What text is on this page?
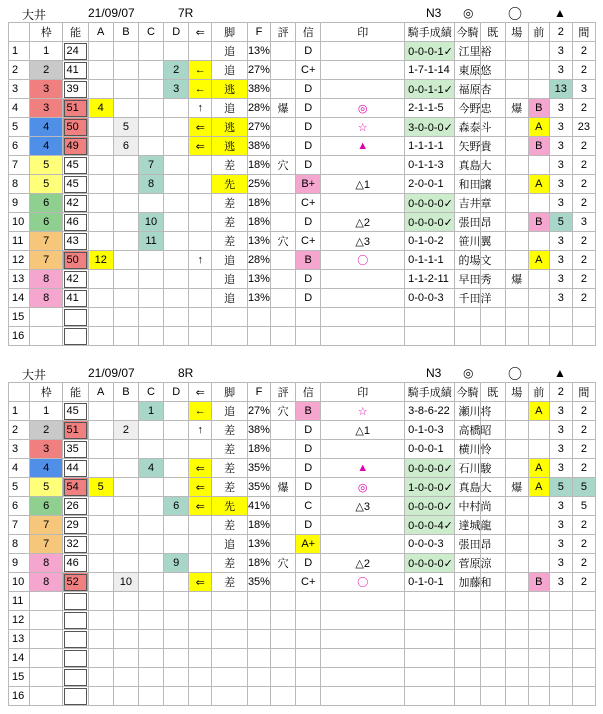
大井	21/09/07	7R	N3 ◎ 〇	▲
	枠	能	A	B	C	D	⇐	脚	F	評	信	印	騎手成績	今騎	既	場	前	2	間
1	1	24						追	13%		D		0-0-0-1✓	江里裕				3	2
2	2	41				2	←	追	27%		C+		1-7-1-14	東原悠				3	2
3	3	39				3	←	逃	38%		D		0-0-1-1✓	福原杏				13	3
4	3	51	4				↑	追	28%	爆	D	◎	2-1-1-5	今野忠		爆	B	3	2
5	4	50		5			⇐	逃	27%		D	☆	3-0-0-0✓	森泰斗			A	3	23
6	4	49		6			⇐	逃	38%		D	▲	1-1-1-1	矢野貴			B	3	2
7	5	45			7			差	18%	穴	D		0-1-1-3	真島大				3	2
8	5	45			8			先	25%		B+	△1	2-0-0-1	和田譲			A	3	2
9	6	42						差	18%		C+		0-0-0-0✓	吉井章				3	2
10	6	46			10			差	18%		D	△2	0-0-0-0✓	張田昂			B	5	3
11	7	43			11			差	13%	穴	C+	△3	0-1-0-2	笹川翼				3	2
12	7	50	12				↑	追	28%		B	〇	0-1-1-1	的場文			A	3	2
13	8	42						追	13%		D		1-1-2-11	早田秀		爆		3	2
14	8	41						追	13%		D		0-0-0-3	千田洋				3	2
15																			
16																			
大井	21/09/07	8R	N3 ◎ 〇	▲
	枠	能	A	B	C	D	⇐	脚	F	評	信	印	騎手成績	今騎	既	場	前	2	間
1	1	45			1		←	追	27%	穴	B	☆	3-8-6-22	瀬川将			A	3	2
2	2	51		2			↑	差	38%		D	△1	0-1-0-3	高橋昭				3	2
3	3	35						差	18%		D		0-0-0-1	横川怜				3	2
4	4	44			4		⇐	差	35%		D	▲	0-0-0-0✓	石川駿			A	3	2
5	5	54	5				⇐	差	35%	爆	D	◎	1-0-0-0✓	真島大		爆	A	5	5
6	6	26				6	⇐	先	41%		C	△3	0-0-0-0✓	中村尚				3	5
7	7	29						差	18%		D		0-0-0-4✓	達城龍				3	2
8	7	32						追	13%		A+		0-0-0-3	張田昂				3	2
9	8	46				9		差	18%	穴	D	△2	0-0-0-0✓	菅原涼				3	2
10	8	52		10			⇐	差	35%		C+	〇	0-1-0-1	加藤和			B	3	2
11																			
12																			
13																			
14																			
15																			
16																			
